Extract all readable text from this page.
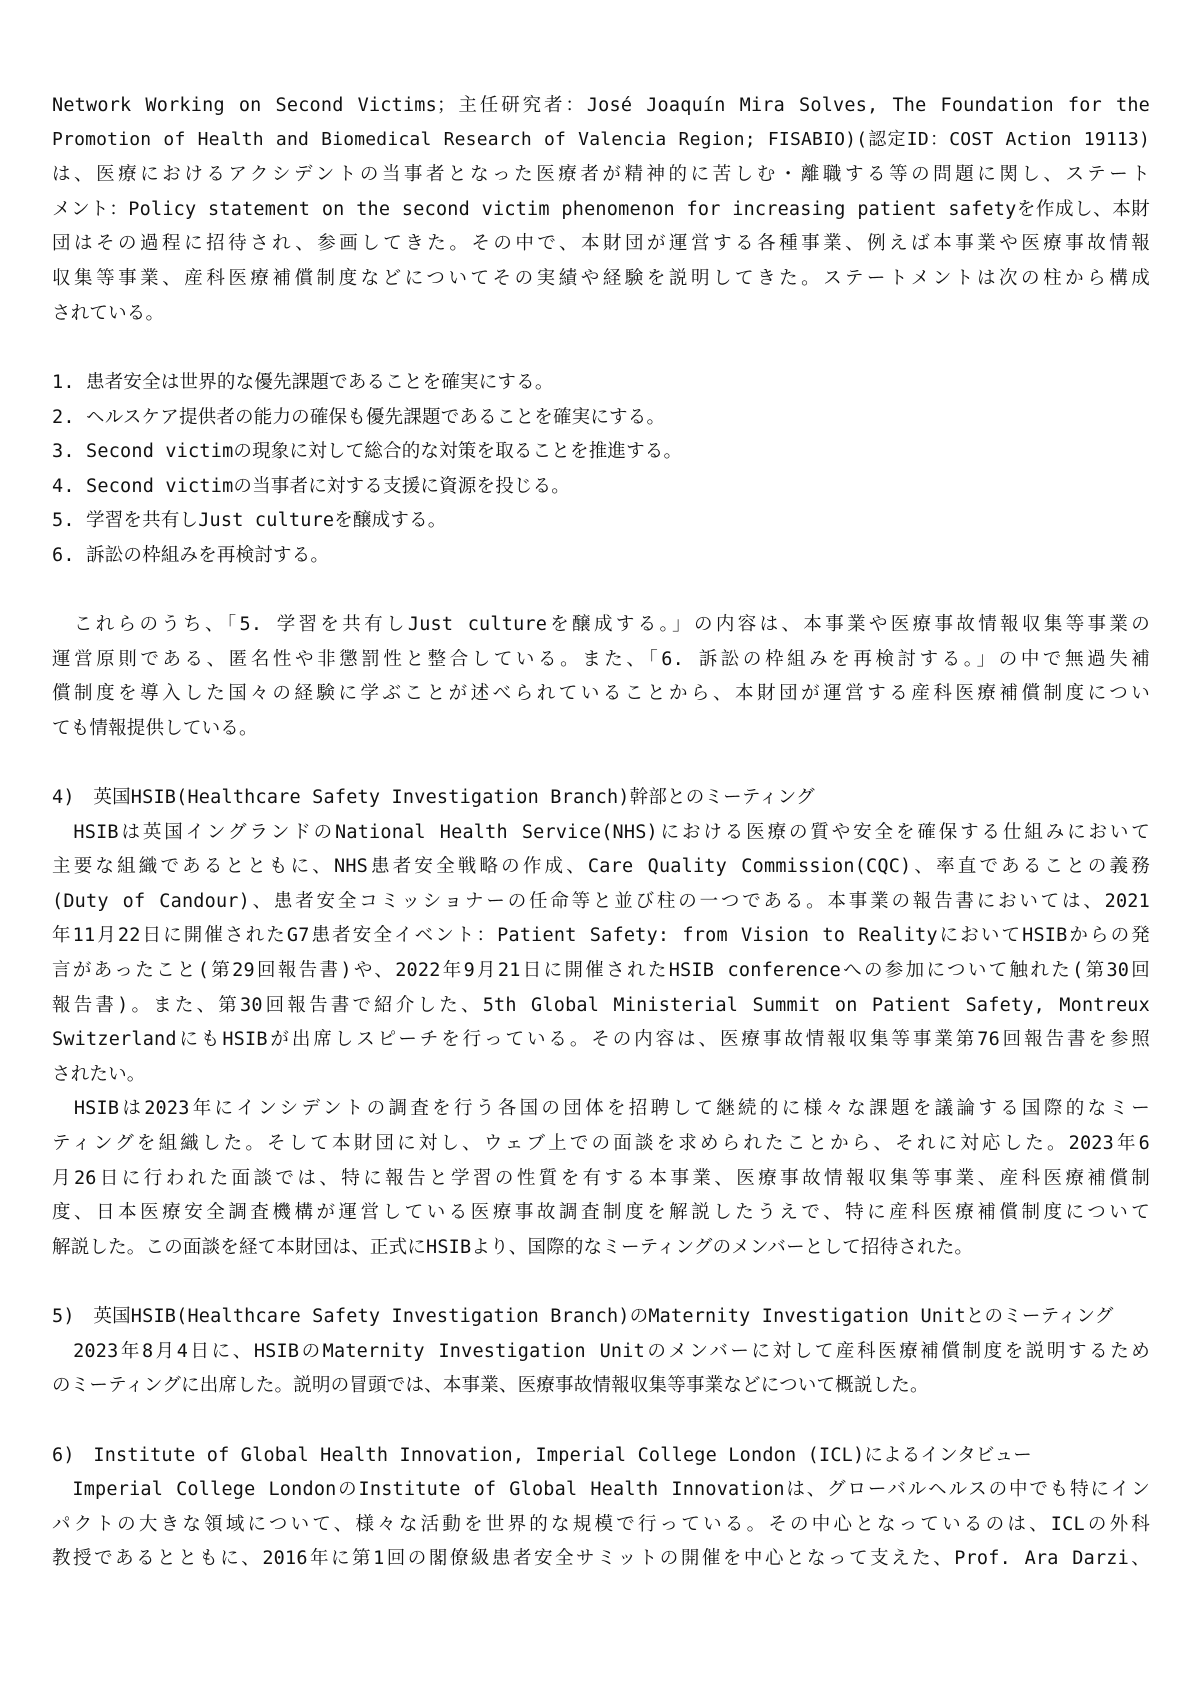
Network Working on Second Victims；主任研究者：José Joaquín Mira Solves, The Foundation for the
Promotion of Health and Biomedical Research of Valencia Region; FISABIO)(認定ID：COST Action 19113)
は、医療におけるアクシデントの当事者となった医療者が精神的に苦しむ・離職する等の問題に関し、ステート
メント：Policy statement on the second victim phenomenon for increasing patient safetyを作成し、本財
団はその過程に招待され、参画してきた。その中で、本財団が運営する各種事業、例えば本事業や医療事故情報
収集等事業、産科医療補償制度などについてその実績や経験を説明してきた。ステートメントは次の柱から構成
されている。
1. 患者安全は世界的な優先課題であることを確実にする。
2. ヘルスケア提供者の能力の確保も優先課題であることを確実にする。
3. Second victimの現象に対して総合的な対策を取ることを推進する。
4. Second victimの当事者に対する支援に資源を投じる。
5. 学習を共有しJust cultureを醸成する。
6. 訴訟の枠組みを再検討する。
　これらのうち、「5. 学習を共有しJust cultureを醸成する。」の内容は、本事業や医療事故情報収集等事業の
運営原則である、匿名性や非懲罰性と整合している。また、「6. 訴訟の枠組みを再検討する。」の中で無過失補
償制度を導入した国々の経験に学ぶことが述べられていることから、本財団が運営する産科医療補償制度につい
ても情報提供している。
4)　英国HSIB(Healthcare Safety Investigation Branch)幹部とのミーティング
　HSIBは英国イングランドのNational Health Service(NHS)における医療の質や安全を確保する仕組みにおいて
主要な組織であるとともに、NHS患者安全戦略の作成、Care Quality Commission(CQC)、率直であることの義務
(Duty of Candour)、患者安全コミッショナーの任命等と並び柱の一つである。本事業の報告書においては、2021
年11月22日に開催されたG7患者安全イベント：Patient Safety: from Vision to RealityにおいてHSIBからの発
言があったこと(第29回報告書)や、2022年9月21日に開催されたHSIB conferenceへの参加について触れた(第30回
報告書)。また、第30回報告書で紹介した、5th Global Ministerial Summit on Patient Safety, Montreux
SwitzerlandにもHSIBが出席しスピーチを行っている。その内容は、医療事故情報収集等事業第76回報告書を参照
されたい。
　HSIBは2023年にインシデントの調査を行う各国の団体を招聘して継続的に様々な課題を議論する国際的なミー
ティングを組織した。そして本財団に対し、ウェブ上での面談を求められたことから、それに対応した。2023年6
月26日に行われた面談では、特に報告と学習の性質を有する本事業、医療事故情報収集等事業、産科医療補償制
度、日本医療安全調査機構が運営している医療事故調査制度を解説したうえで、特に産科医療補償制度について
解説した。この面談を経て本財団は、正式にHSIBより、国際的なミーティングのメンバーとして招待された。
5)　英国HSIB(Healthcare Safety Investigation Branch)のMaternity Investigation Unitとのミーティング
　2023年8月4日に、HSIBのMaternity Investigation Unitのメンバーに対して産科医療補償制度を説明するため
のミーティングに出席した。説明の冒頭では、本事業、医療事故情報収集等事業などについて概説した。
6)　Institute of Global Health Innovation, Imperial College London (ICL)によるインタビュー
　Imperial College LondonのInstitute of Global Health Innovationは、グローバルヘルスの中でも特にイン
パクトの大きな領域について、様々な活動を世界的な規模で行っている。その中心となっているのは、ICLの外科
教授であるとともに、2016年に第1回の閣僚級患者安全サミットの開催を中心となって支えた、Prof. Ara Darzi、
